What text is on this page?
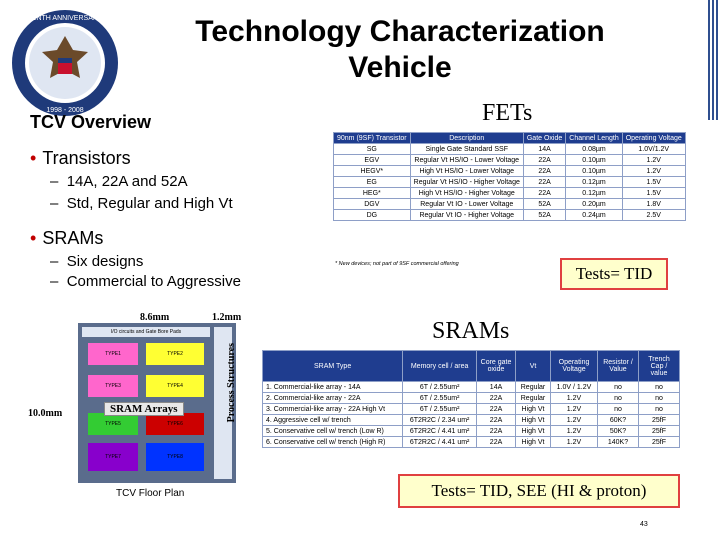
TENTH ANNIVERSARY
1998 - 2008
Technology Characterization
Vehicle
TCV Overview
• Transistors
–  14A, 22A and 52A
–  Std, Regular and High Vt
• SRAMs
–  Six designs
–  Commercial to Aggressive
FETs
90nm (9SF) Transistor	Description	Gate Oxide	Channel Length	Operating Voltage
SG	Single Gate Standard SSF	14A	0.08µm	1.0V/1.2V
EGV	Regular Vt HS/IO - Lower Voltage	22A	0.10µm	1.2V
HEGV*	High Vt HS/IO - Lower Voltage	22A	0.10µm	1.2V
EG	Regular Vt HS/IO - Higher Voltage	22A	0.12µm	1.5V
HEG*	High Vt HS/IO - Higher Voltage	22A	0.12µm	1.5V
DGV	Regular Vt IO - Lower Voltage	52A	0.20µm	1.8V
DG	Regular Vt IO - Higher Voltage	52A	0.24µm	2.5V
* New devices; not part of 9SF commercial offering	Tests= TID
8.6mm	1.2mm
10.0mm
I/O circuits and Gate Bore Pads
TYPE1	TYPE2
TYPE3	TYPE4
TYPE5	TYPE6
TYPE7	TYPE8
Process Structures
SRAM Arrays
TCV Floor Plan
SRAMs
SRAM Type	Memory cell / area	Core gate oxide	Vt	Operating Voltage	Resistor / Value	Trench Cap / value
1. Commercial-like array - 14A	6T / 2.55um²	14A	Regular	1.0V / 1.2V	no	no
2. Commercial-like array - 22A	6T / 2.55um²	22A	Regular	1.2V	no	no
3. Commercial-like array - 22A High Vt	6T / 2.55um²	22A	High Vt	1.2V	no	no
4. Aggressive cell w/ trench	6T2R2C / 2.34 um²	22A	High Vt	1.2V	60K?	25fF
5. Conservative cell w/ trench (Low R)	6T2R2C / 4.41 um²	22A	High Vt	1.2V	50K?	25fF
6. Conservative cell w/ trench (High R)	6T2R2C / 4.41 um²	22A	High Vt	1.2V	140K?	25fF
Tests= TID, SEE (HI & proton)
43
